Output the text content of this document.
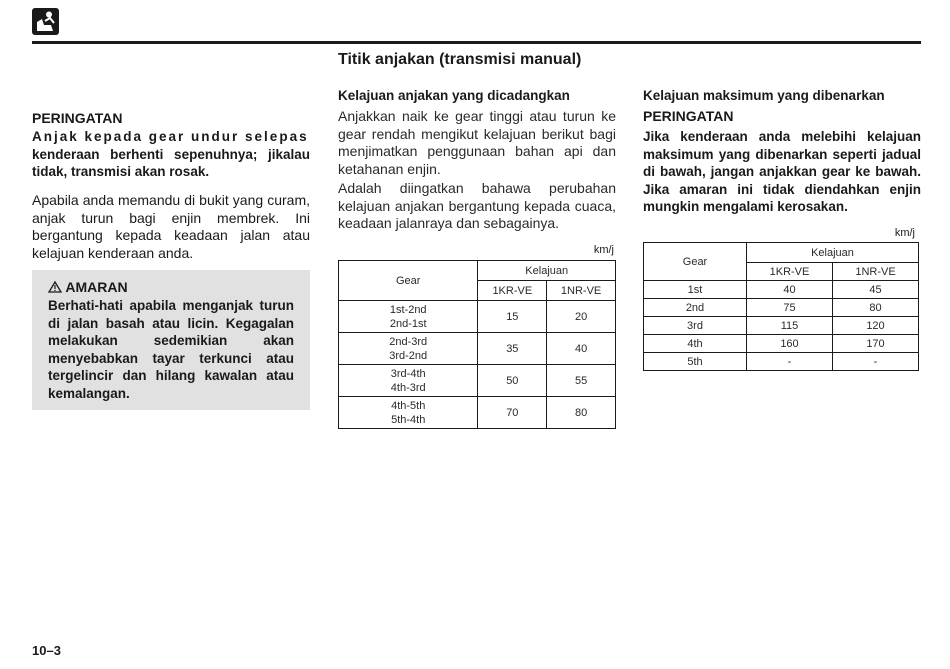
Titik anjakan (transmisi manual)
PERINGATAN
Anjak kepada gear undur selepas
kenderaan berhenti sepenuhnya; jikalau tidak, transmisi akan rosak.
Apabila anda memandu di bukit yang curam, anjak turun bagi enjin membrek. Ini bergantung kepada keadaan jalan atau kelajuan kenderaan anda.
AMARAN
Berhati-hati apabila menganjak turun di jalan basah atau licin. Kegagalan melakukan sedemikian akan menyebabkan tayar terkunci atau tergelincir dan hilang kawalan atau kemalangan.
Kelajuan anjakan yang dicadangkan
Anjakkan naik ke gear tinggi atau turun ke gear rendah mengikut kelajuan berikut bagi menjimatkan penggunaan bahan api dan ketahanan enjin.
Adalah diingatkan bahawa perubahan kelajuan anjakan bergantung kepada cuaca, keadaan jalanraya dan sebagainya.
km/j
Gear	Kelajuan	
	1KR-VE	1NR-VE

1st-2nd
2nd-1st	15	20

2nd-3rd
3rd-2nd	35	40

3rd-4th
4th-3rd	50	55

4th-5th
5th-4th	70	80
Kelajuan maksimum yang dibenarkan
PERINGATAN
Jika kenderaan anda melebihi kelajuan maksimum yang dibenarkan seperti jadual di bawah, jangan anjakkan gear ke bawah. Jika amaran ini tidak diendahkan enjin mungkin mengalami kerosakan.
km/j
Gear	Kelajuan	
	1KR-VE	1NR-VE
1st	40	45
2nd	75	80
3rd	115	120
4th	160	170
5th	-	-
10–3
